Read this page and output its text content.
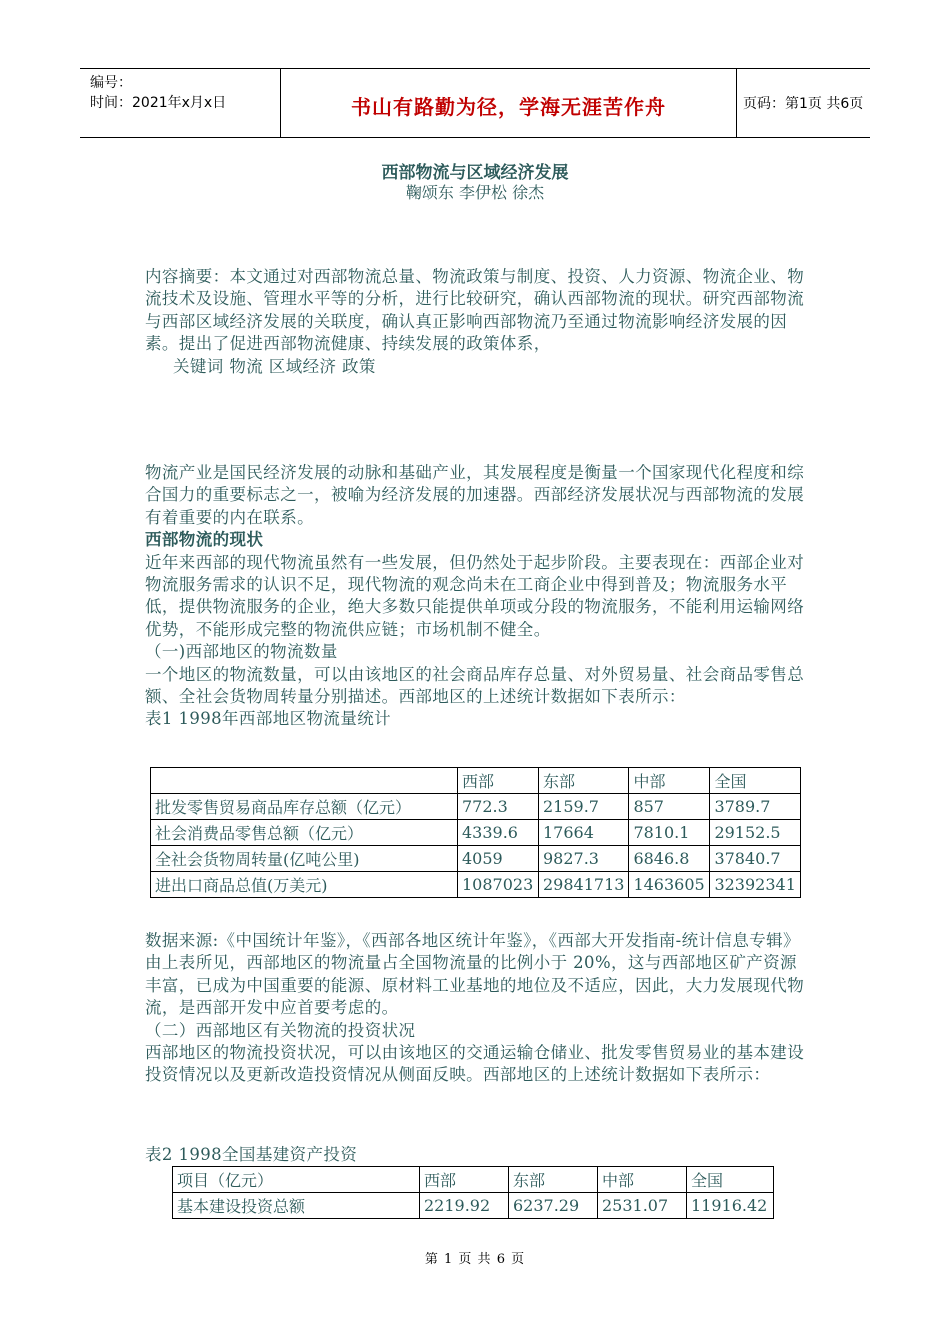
编号：
时间：2021年x月x日	书山有路勤为径，学海无涯苦作舟	页码：第1页 共6页
西部物流与区域经济发展
鞠颂东 李伊松 徐杰

内容摘要：本文通过对西部物流总量、物流政策与制度、投资、人力资源、物流企业、物流技术及设施、管理水平等的分析，进行比较研究，确认西部物流的现状。研究西部物流与西部区域经济发展的关联度，确认真正影响西部物流乃至通过物流影响经济发展的因素。提出了促进西部物流健康、持续发展的政策体系，

关键词 物流 区域经济 政策

物流产业是国民经济发展的动脉和基础产业，其发展程度是衡量一个国家现代化程度和综合国力的重要标志之一，被喻为经济发展的加速器。西部经济发展状况与西部物流的发展有着重要的内在联系。

西部物流的现状

近年来西部的现代物流虽然有一些发展，但仍然处于起步阶段。主要表现在：西部企业对物流服务需求的认识不足，现代物流的观念尚未在工商企业中得到普及；物流服务水平低，提供物流服务的企业，绝大多数只能提供单项或分段的物流服务，不能利用运输网络优势，不能形成完整的物流供应链；市场机制不健全。

（一)西部地区的物流数量

一个地区的物流数量，可以由该地区的社会商品库存总量、对外贸易量、社会商品零售总额、全社会货物周转量分别描述。西部地区的上述统计数据如下表所示：

表1 1998年西部地区物流量统计

	西部	东部	中部	全国
批发零售贸易商品库存总额（亿元）	772.3	2159.7	857	3789.7
社会消费品零售总额（亿元）	4339.6	17664	7810.1	29152.5
全社会货物周转量(亿吨公里)	4059	9827.3	6846.8	37840.7
进出口商品总值(万美元)	1087023	29841713	1463605	32392341

数据来源:《中国统计年鉴》，《西部各地区统计年鉴》，《西部大开发指南-统计信息专辑》

由上表所见，西部地区的物流量占全国物流量的比例小于 20%，这与西部地区矿产资源丰富，已成为中国重要的能源、原材料工业基地的地位及不适应，因此，大力发展现代物流，是西部开发中应首要考虑的。

（二）西部地区有关物流的投资状况

西部地区的物流投资状况，可以由该地区的交通运输仓储业、批发零售贸易业的基本建设投资情况以及更新改造投资情况从侧面反映。西部地区的上述统计数据如下表所示：

表2 1998全国基建资产投资

项目（亿元）	西部	东部	中部	全国
基本建设投资总额	2219.92	6237.29	2531.07	11916.42
第 1 页 共 6 页
